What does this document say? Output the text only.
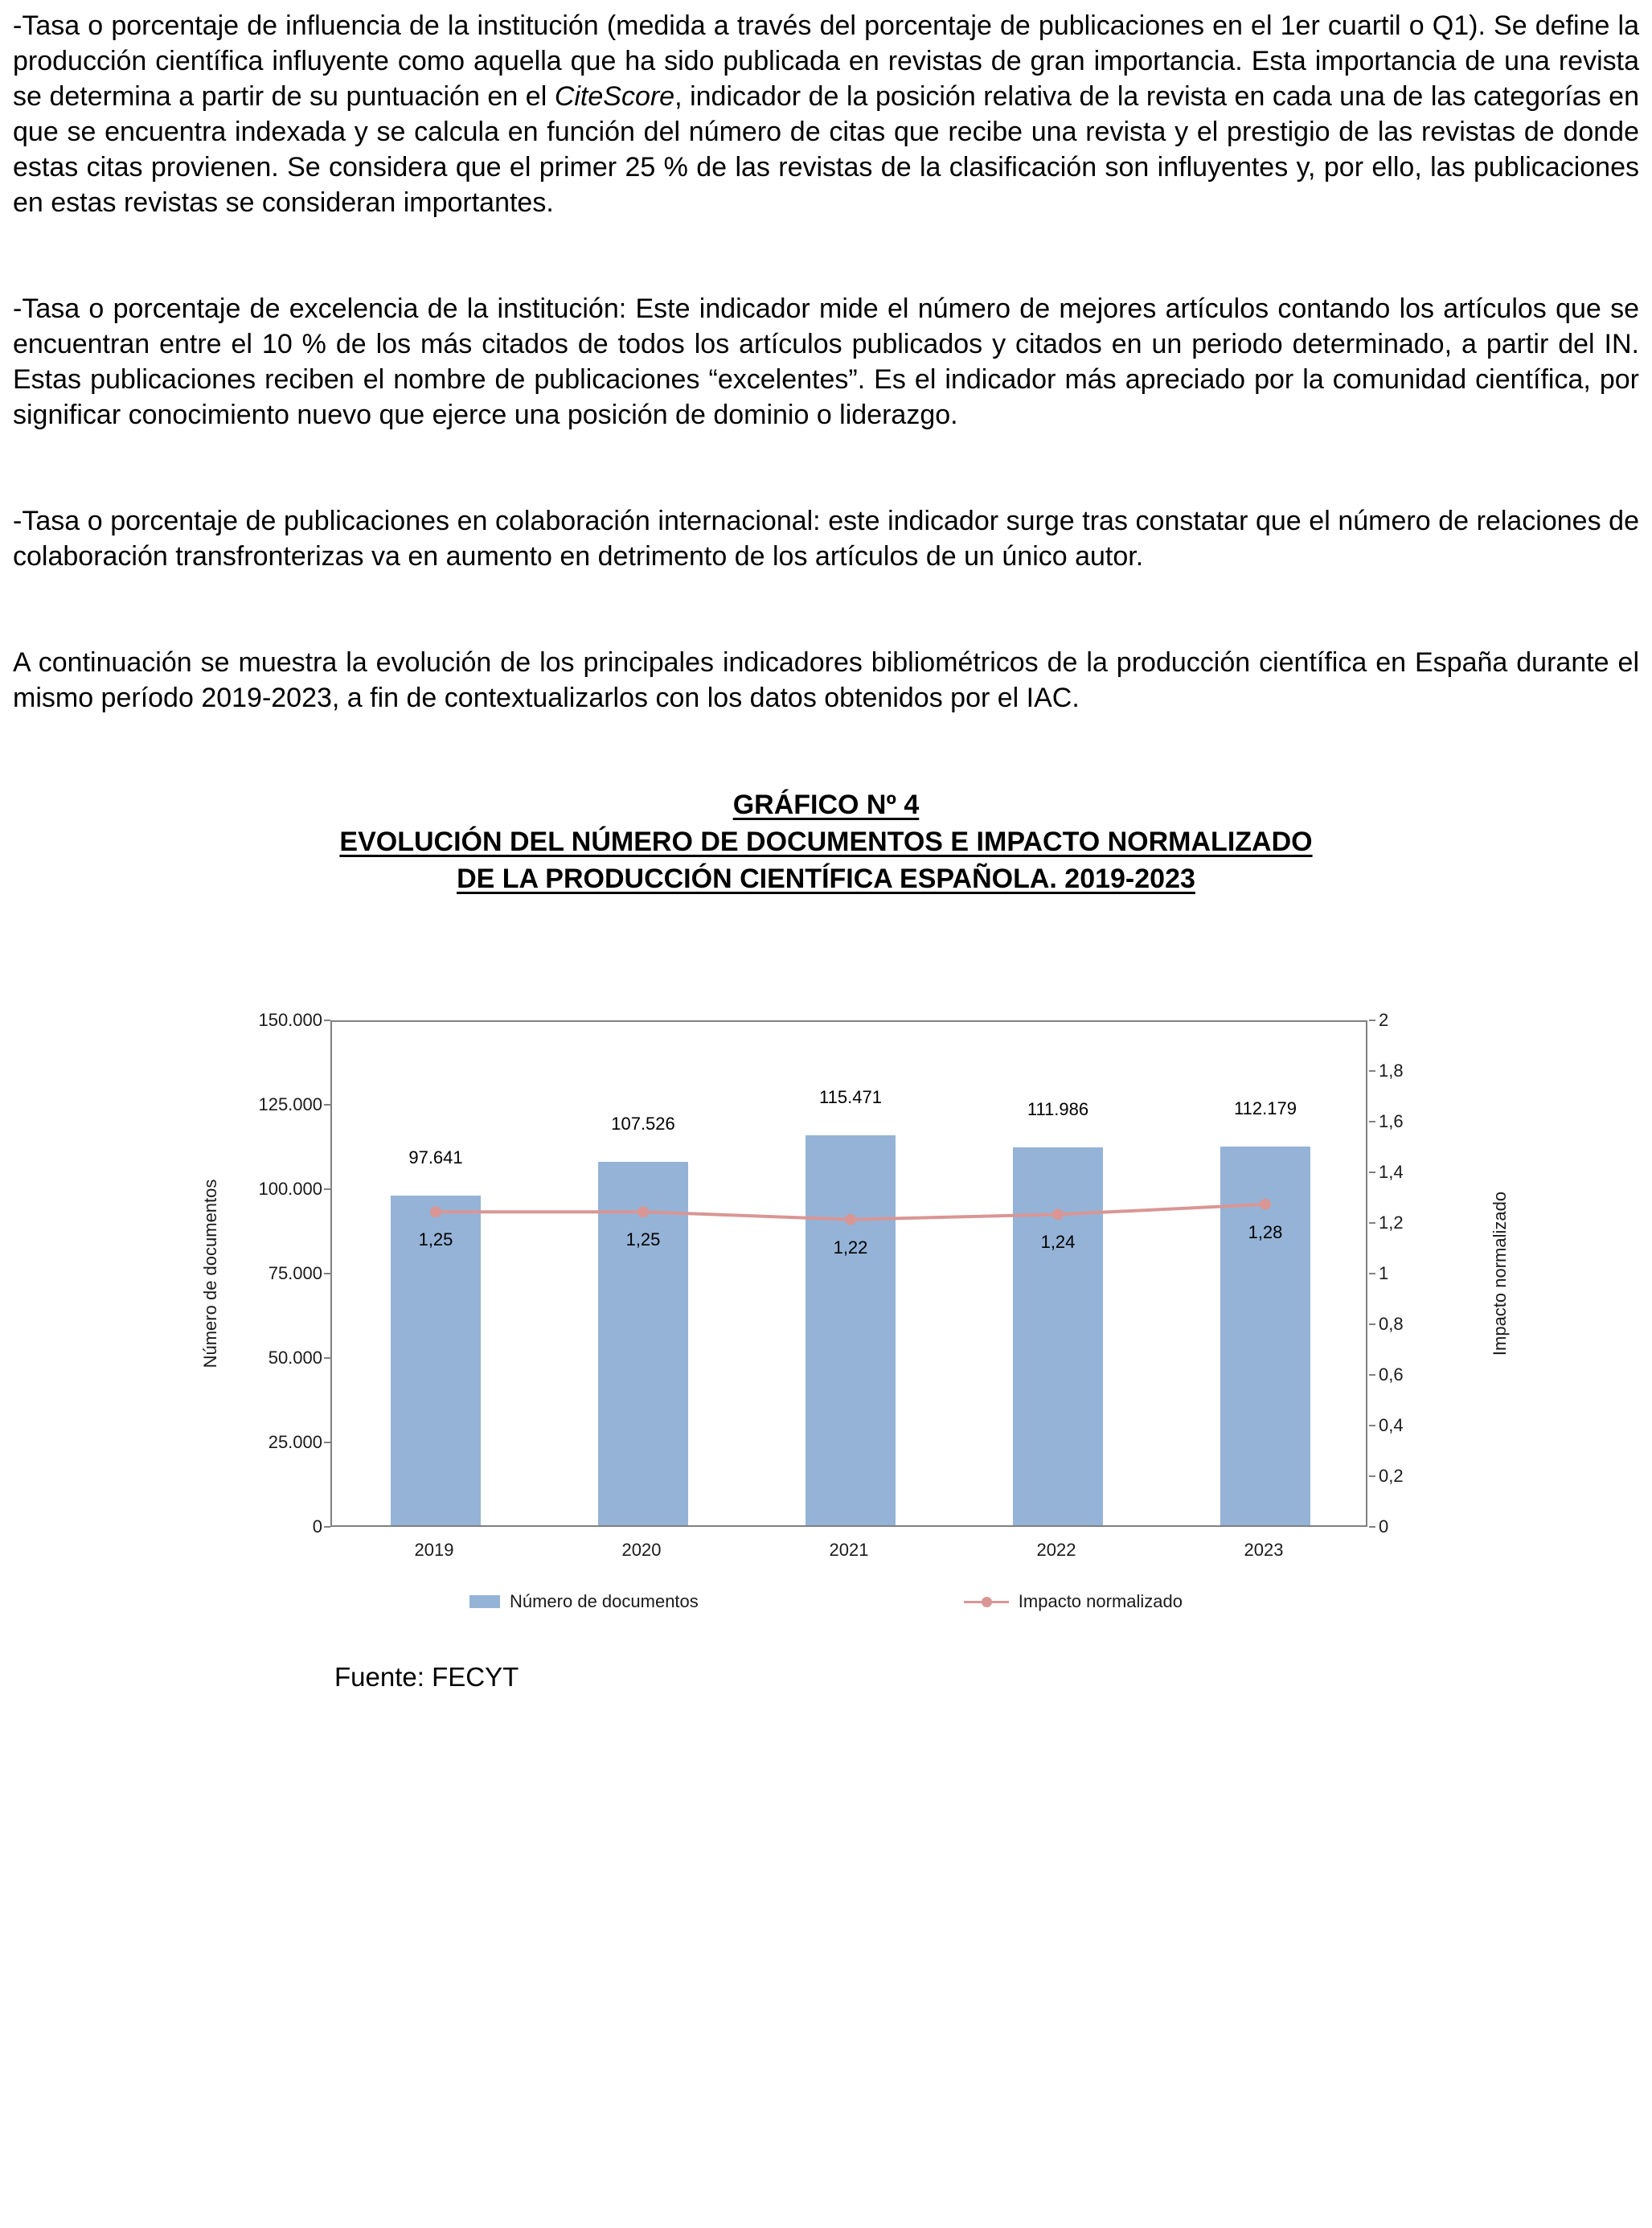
-Tasa o porcentaje de influencia de la institución (medida a través del porcentaje de publicaciones en el 1er cuartil o Q1). Se define la producción científica influyente como aquella que ha sido publicada en revistas de gran importancia. Esta importancia de una revista se determina a partir de su puntuación en el CiteScore, indicador de la posición relativa de la revista en cada una de las categorías en que se encuentra indexada y se calcula en función del número de citas que recibe una revista y el prestigio de las revistas de donde estas citas provienen. Se considera que el primer 25 % de las revistas de la clasificación son influyentes y, por ello, las publicaciones en estas revistas se consideran importantes.

-Tasa o porcentaje de excelencia de la institución: Este indicador mide el número de mejores artículos contando los artículos que se encuentran entre el 10 % de los más citados de todos los artículos publicados y citados en un periodo determinado, a partir del IN. Estas publicaciones reciben el nombre de publicaciones “excelentes”. Es el indicador más apreciado por la comunidad científica, por significar conocimiento nuevo que ejerce una posición de dominio o liderazgo.

-Tasa o porcentaje de publicaciones en colaboración internacional: este indicador surge tras constatar que el número de relaciones de colaboración transfronterizas va en aumento en detrimento de los artículos de un único autor.

A continuación se muestra la evolución de los principales indicadores bibliométricos de la producción científica en España durante el mismo período 2019-2023, a fin de contextualizarlos con los datos obtenidos por el IAC.

GRÁFICO Nº 4
EVOLUCIÓN DEL NÚMERO DE DOCUMENTOS E IMPACTO NORMALIZADO
DE LA PRODUCCIÓN CIENTÍFICA ESPAÑOLA. 2019-2023
Número de documentos
0
25.000
50.000
75.000
100.000
125.000
150.000
97.641
107.526
115.471
111.986	112.179
1,25	1,25	1,22	1,24
1,28
0
0,2
0,4
0,6
0,8
1
1,2
1,4
1,6
1,8
2
2019	2020	2021	2022	2023
Impacto normalizado
Número de documentos	Impacto normalizado
Fuente: FECYT
